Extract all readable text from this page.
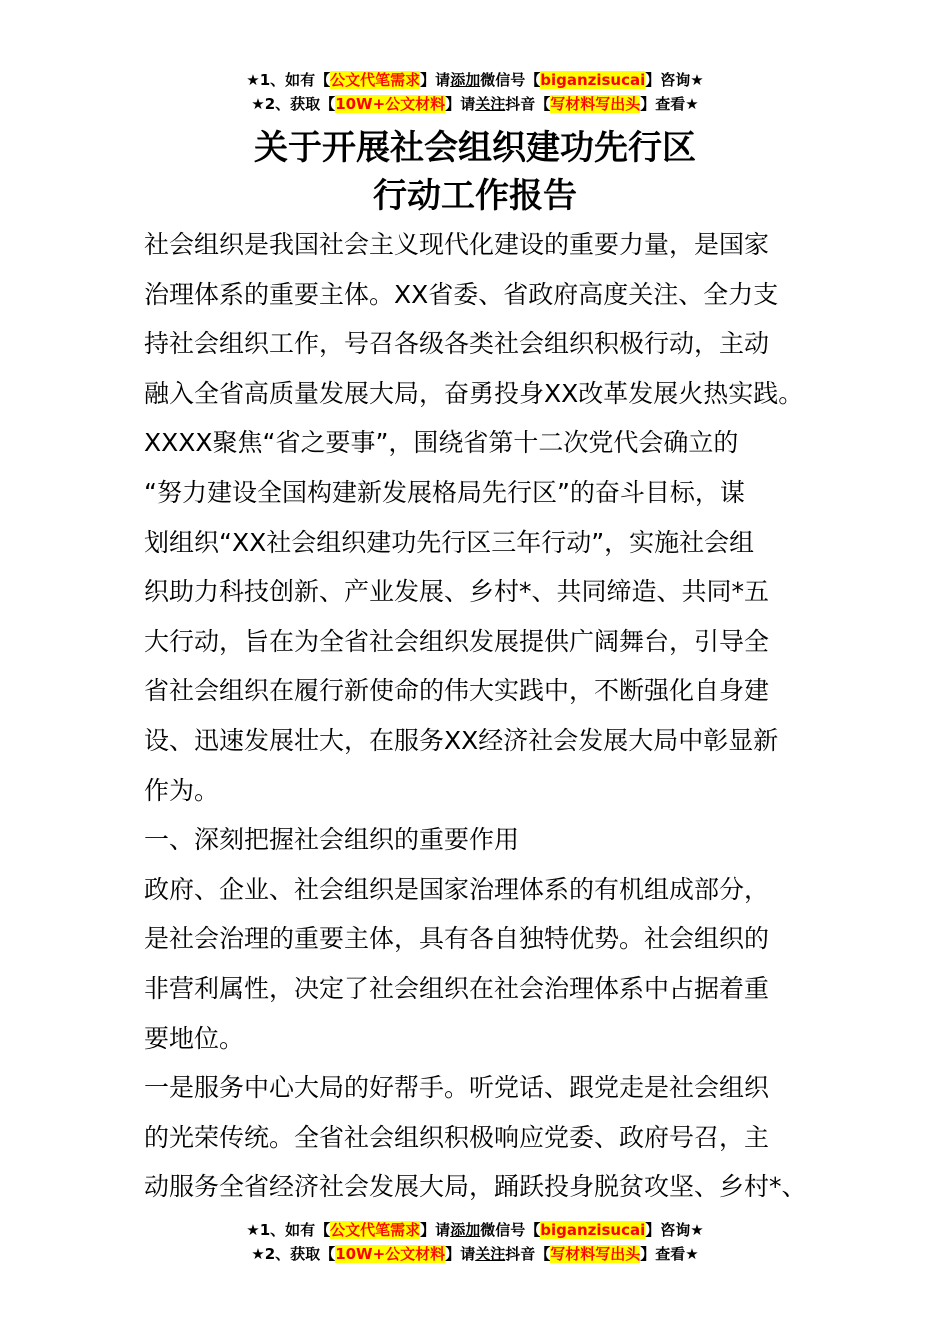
★1、如有【公文代笔需求】请添加微信号【biganzisucai】咨询★
★2、获取【10W+公文材料】请关注抖音【写材料写出头】查看★
关于开展社会组织建功先行区
行动工作报告
社会组织是我国社会主义现代化建设的重要力量，是国家
治理体系的重要主体。XX省委、省政府高度关注、全力支
持社会组织工作，号召各级各类社会组织积极行动，主动
融入全省高质量发展大局，奋勇投身XX改革发展火热实践。
XXXX聚焦“省之要事”，围绕省第十二次党代会确立的
“努力建设全国构建新发展格局先行区”的奋斗目标，谋
划组织“XX社会组织建功先行区三年行动”，实施社会组
织助力科技创新、产业发展、乡村*、共同缔造、共同*五
大行动，旨在为全省社会组织发展提供广阔舞台，引导全
省社会组织在履行新使命的伟大实践中，不断强化自身建
设、迅速发展壮大，在服务XX经济社会发展大局中彰显新
作为。
一、深刻把握社会组织的重要作用
政府、企业、社会组织是国家治理体系的有机组成部分，
是社会治理的重要主体，具有各自独特优势。社会组织的
非营利属性，决定了社会组织在社会治理体系中占据着重
要地位。
一是服务中心大局的好帮手。听党话、跟党走是社会组织
的光荣传统。全省社会组织积极响应党委、政府号召，主
动服务全省经济社会发展大局，踊跃投身脱贫攻坚、乡村*、
★1、如有【公文代笔需求】请添加微信号【biganzisucai】咨询★
★2、获取【10W+公文材料】请关注抖音【写材料写出头】查看★
